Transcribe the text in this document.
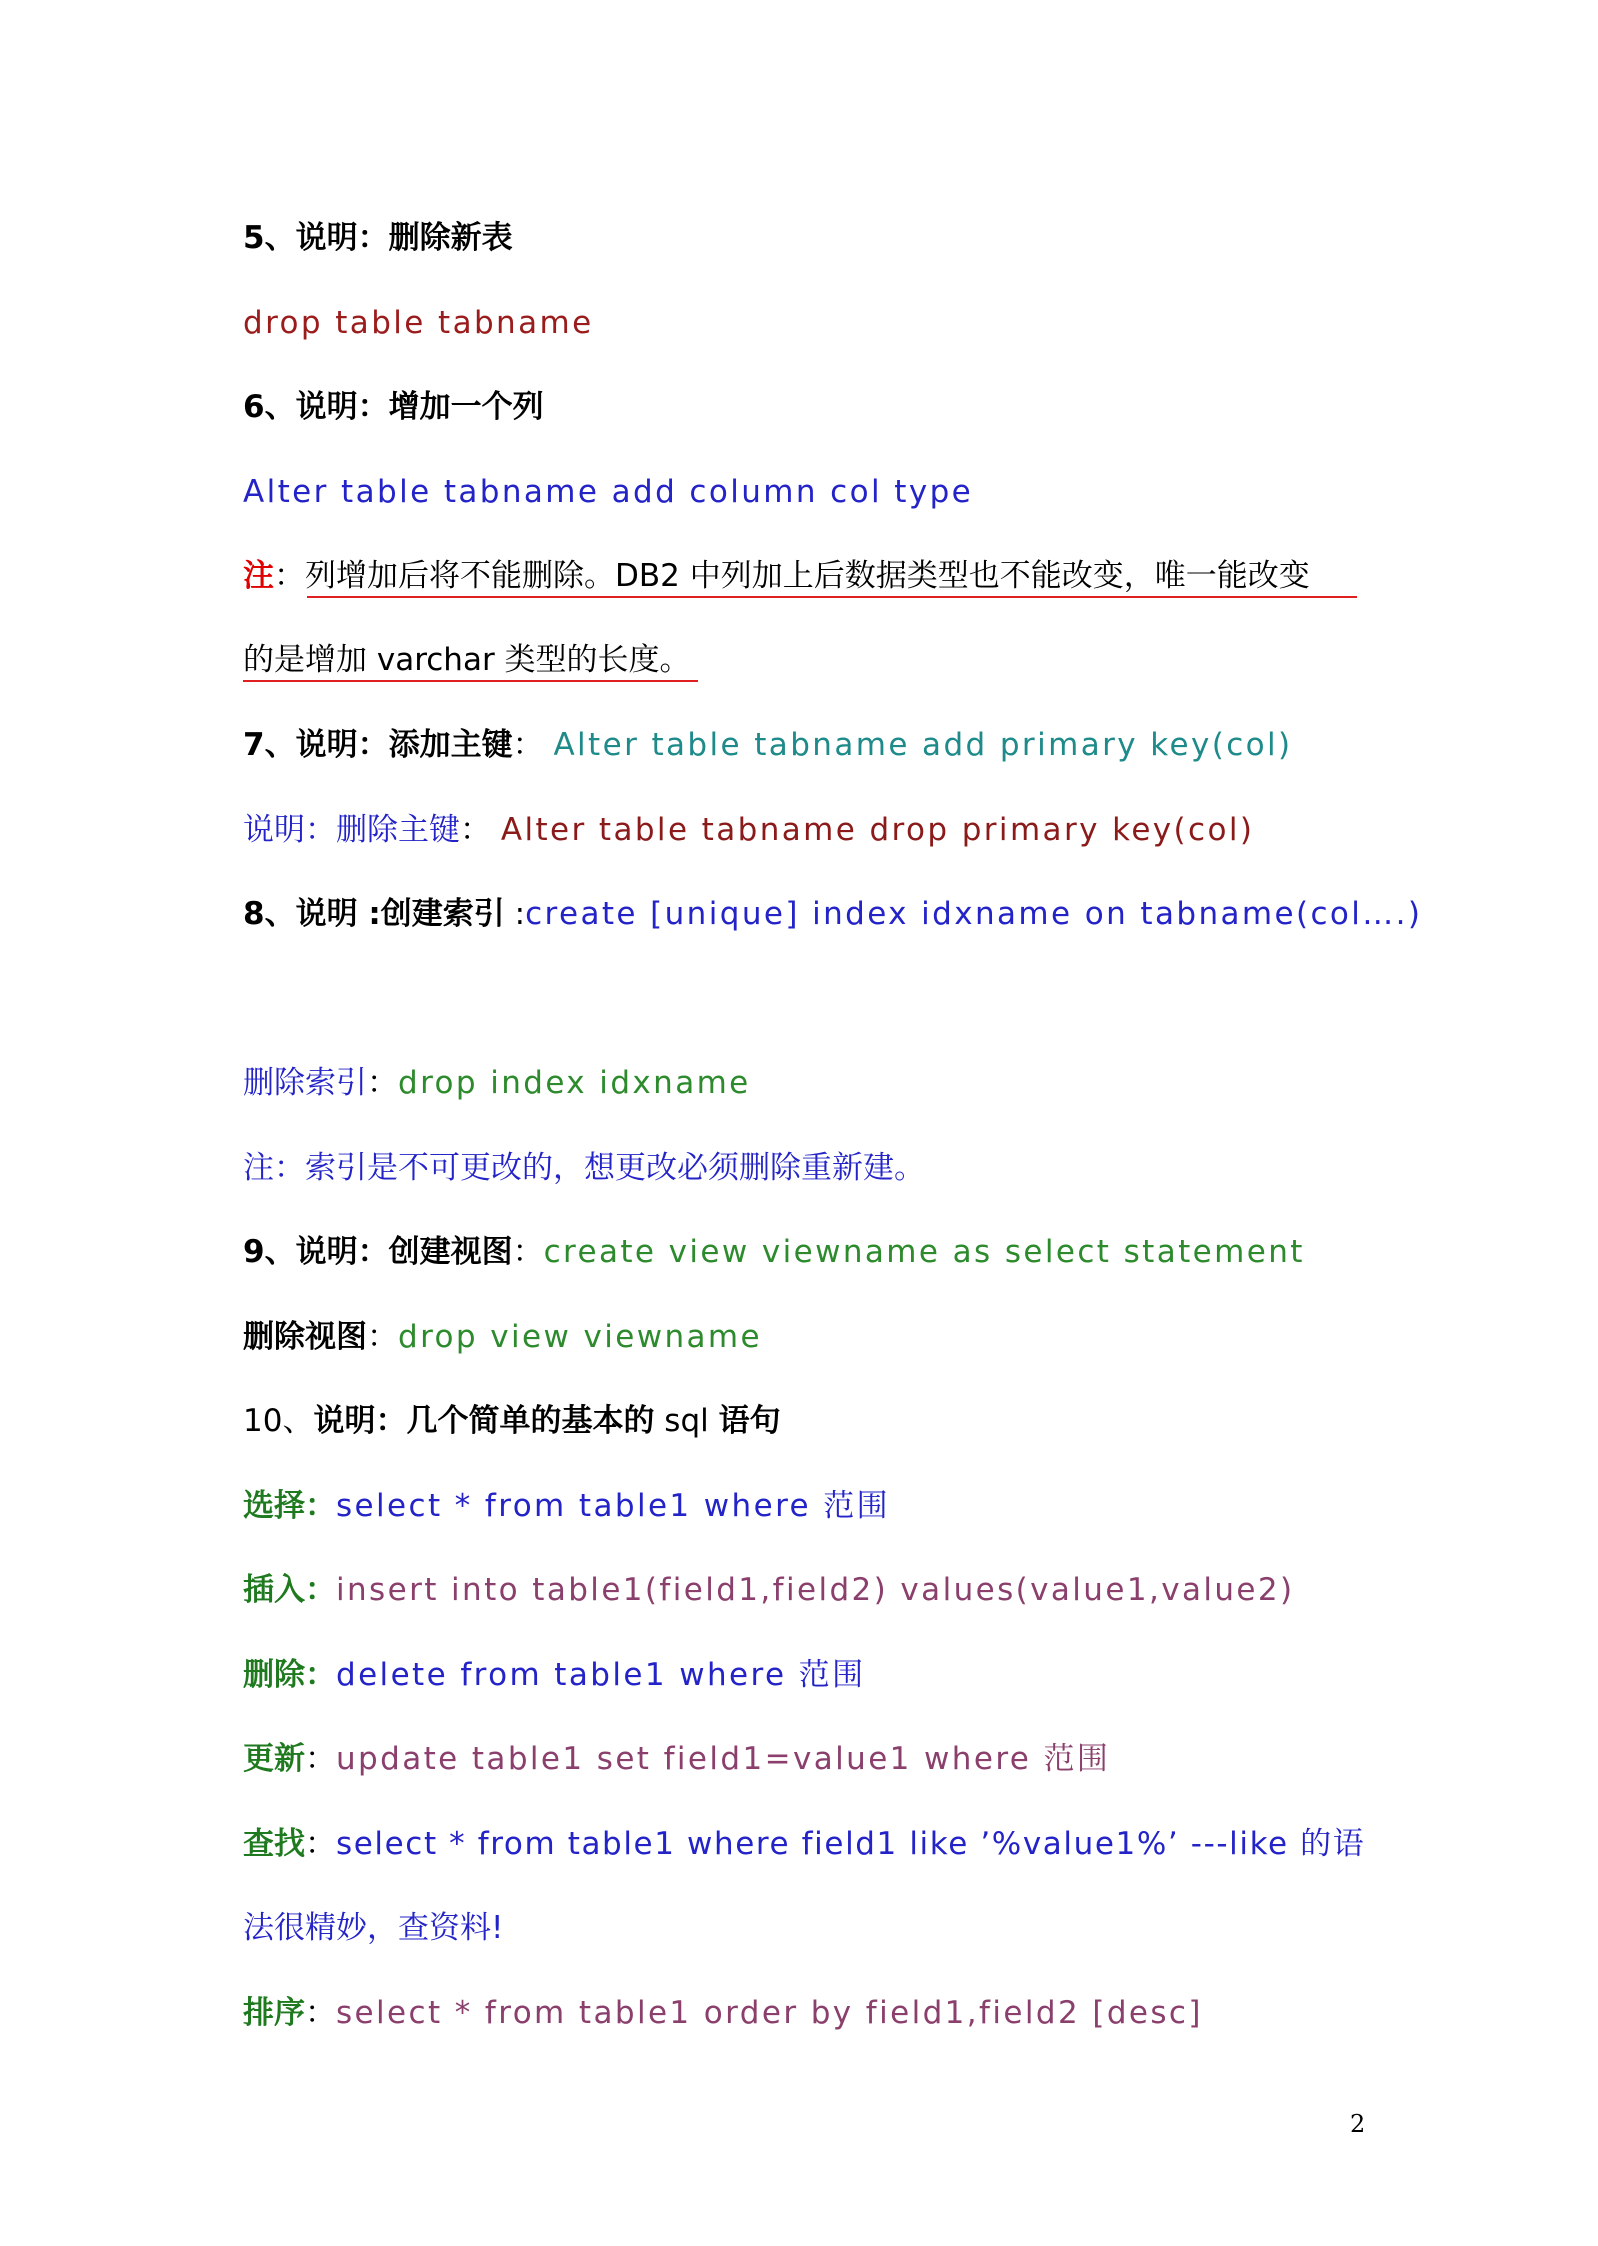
5、说明：删除新表
drop table tabname
6、说明：增加一个列
Alter table tabname add column col type
注：列增加后将不能删除。DB2 中列加上后数据类型也不能改变，唯一能改变
的是增加 varchar 类型的长度。
7、说明：添加主键： Alter table tabname add primary key(col)
说明：删除主键： Alter table tabname drop primary key(col)
8、说明 :创建索引 :create [unique] index idxname on tabname(col….)
删除索引：drop index idxname
注：索引是不可更改的，想更改必须删除重新建。
9、说明：创建视图：create view viewname as select statement
删除视图：drop view viewname
10、说明：几个简单的基本的 sql 语句
选择：select * from table1 where 范围
插入：insert into table1(field1,field2) values(value1,value2)
删除：delete from table1 where 范围
更新：update table1 set field1=value1 where 范围
查找：select * from table1 where field1 like ’%value1%’ ---like 的语
法很精妙，查资料!
排序：select * from table1 order by field1,field2 [desc]
2
